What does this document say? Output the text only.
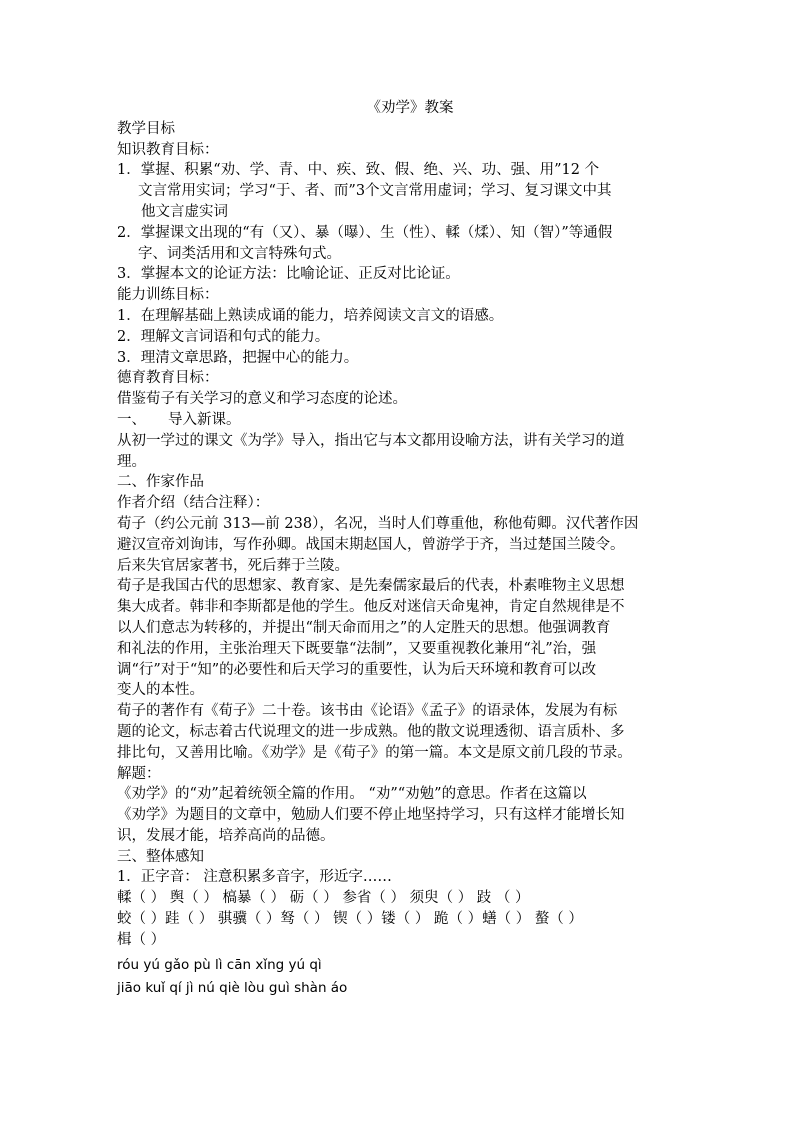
《劝学》教案

教学目标

知识教育目标：

1．掌握、积累“劝、学、青、中、疾、致、假、绝、兴、功、强、用”12 个

文言常用实词；学习“于、者、而”3个文言常用虚词；学习、复习课文中其

他文言虚实词

2．掌握课文出现的“有（又）、暴（曝）、生（性）、輮（煣）、知（智）”等通假

字、词类活用和文言特殊句式。

3．掌握本文的论证方法：比喻论证、正反对比论证。

能力训练目标：

1．在理解基础上熟读成诵的能力，培养阅读文言文的语感。

2．理解文言词语和句式的能力。

3．理清文章思路，把握中心的能力。

德育教育目标：

借鉴荀子有关学习的意义和学习态度的论述。

一、 导入新课。

从初一学过的课文《为学》导入，指出它与本文都用设喻方法，讲有关学习的道

理。

二、作家作品

作者介绍（结合注释）：

荀子（约公元前 313—前 238），名况，当时人们尊重他，称他荀卿。汉代著作因

避汉宣帝刘询讳，写作孙卿。战国末期赵国人，曾游学于齐，当过楚国兰陵令。

后来失官居家著书，死后葬于兰陵。

荀子是我国古代的思想家、教育家、是先秦儒家最后的代表，朴素唯物主义思想

集大成者。韩非和李斯都是他的学生。他反对迷信天命鬼神，肯定自然规律是不

以人们意志为转移的，并提出“制天命而用之”的人定胜天的思想。他强调教育

和礼法的作用，主张治理天下既要靠“法制”，又要重视教化兼用“礼”治，强

调“行”对于“知”的必要性和后天学习的重要性，认为后天环境和教育可以改

变人的本性。

荀子的著作有《荀子》二十卷。该书由《论语》《孟子》的语录体，发展为有标

题的论文，标志着古代说理文的进一步成熟。他的散文说理透彻、语言质朴、多

排比句，又善用比喻。《劝学》是《荀子》的第一篇。本文是原文前几段的节录。

解题：

《劝学》的“劝”起着统领全篇的作用。 “劝”“劝勉”的意思。作者在这篇以

《劝学》为题目的文章中，勉励人们要不停止地坚持学习，只有这样才能增长知

识，发展才能，培养高尚的品德。

三、整体感知

1．正字音： 注意积累多音字，形近字……

輮（ ） 舆（ ） 槁暴（ ） 砺（ ） 参省（ ） 须臾（ ） 跂 （ ）

蛟（ ）跬（ ） 骐骥（ ）驽（ ） 锲（ ）镂（ ） 跪（ ）蟮（ ） 螯（ ）

楫（ ）

róu yú gǎo pù lì cān xǐng yú qì

jiāo kuǐ qí jì nú qiè lòu guì shàn áo
